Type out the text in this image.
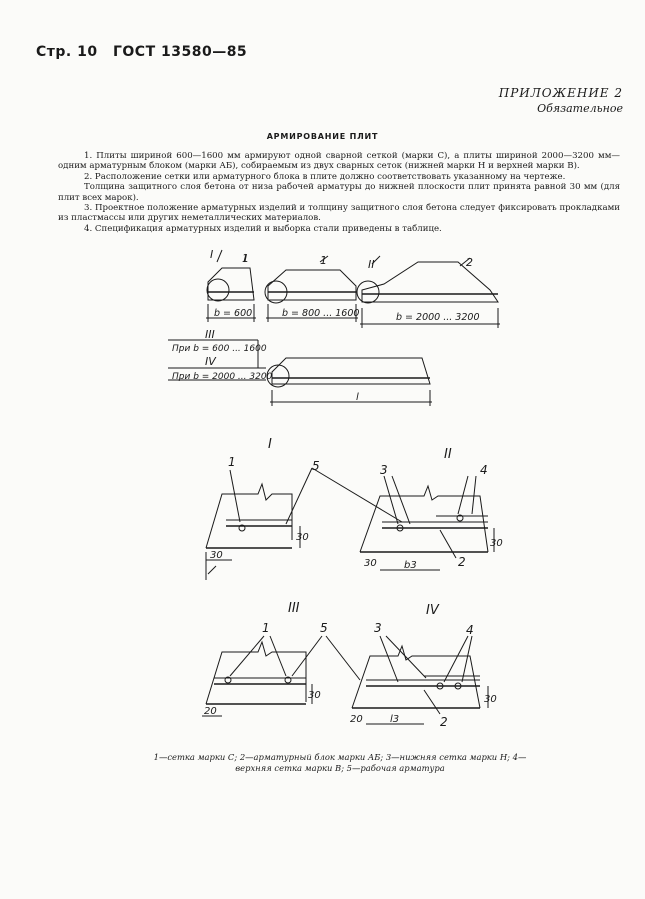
Стр. 10 ГОСТ 13580—85
ПРИЛОЖЕНИЕ 2
Обязательное
АРМИРОВАНИЕ ПЛИТ

1. Плиты шириной 600—1600 мм армируют одной сварной сеткой (марки С), а плиты шириной 2000—3200 мм— одним арматурным блоком (марки АБ), собираемым из двух сварных сеток (нижней марки Н и верхней марки В).

2. Расположение сетки или арматурного блока в плите должно соответствовать указанному на чертеже.

Толщина защитного слоя бетона от низа рабочей арматуры до нижней плоскости плит принята равной 30 мм (для плит всех марок).

3. Проектное положение арматурных изделий и толщину защитного слоя бетона следует фиксировать прокладками из пластмассы или других неметаллических материалов.

4. Спецификация арматурных изделий и выборка стали приведены в таблице.

I	1	1	II	2
b = 600	b = 800 ... 1600	b = 2000 ... 3200
III
При b = 600 ... 1600
IV
При b = 2000 ... 3200
l
I
II
III	IV
1	5	3	4
2
1	5	3	4
2
30
30
30	b3
30
20
30
20	l3
30
1—сетка марки С; 2—арматурный блок марки АБ; 3—нижняя сетка марки Н; 4—верхняя сетка марки В; 5—рабочая арматура
